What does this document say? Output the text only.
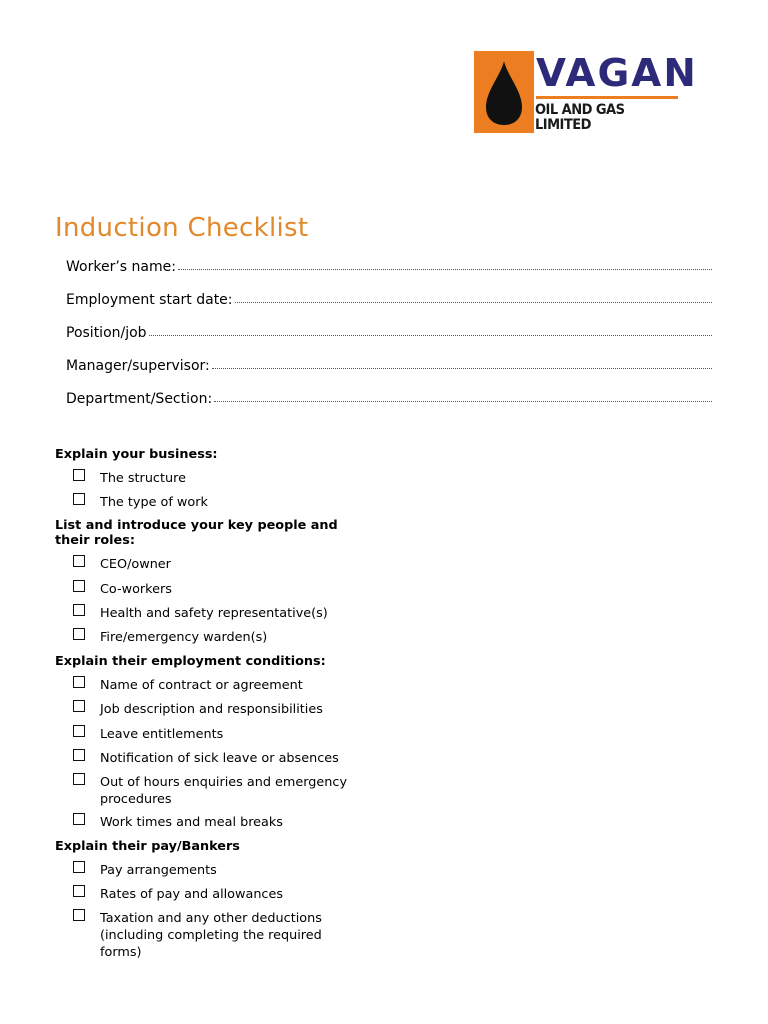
VAGAN
OIL AND GAS LIMITED
Induction Checklist
Worker’s name:
Employment start date:
Position/job
Manager/supervisor:
Department/Section:

Explain your business:

The structure
The type of work

List and introduce your key people and their roles:

CEO/owner
Co-workers
Health and safety representative(s)
Fire/emergency warden(s)

Explain their employment conditions:

Name of contract or agreement
Job description and responsibilities
Leave entitlements
Notification of sick leave or absences
Out of hours enquiries and emergency procedures
Work times and meal breaks

Explain their pay/Bankers

Pay arrangements
Rates of pay and allowances
Taxation and any other deductions (including completing the required forms)
